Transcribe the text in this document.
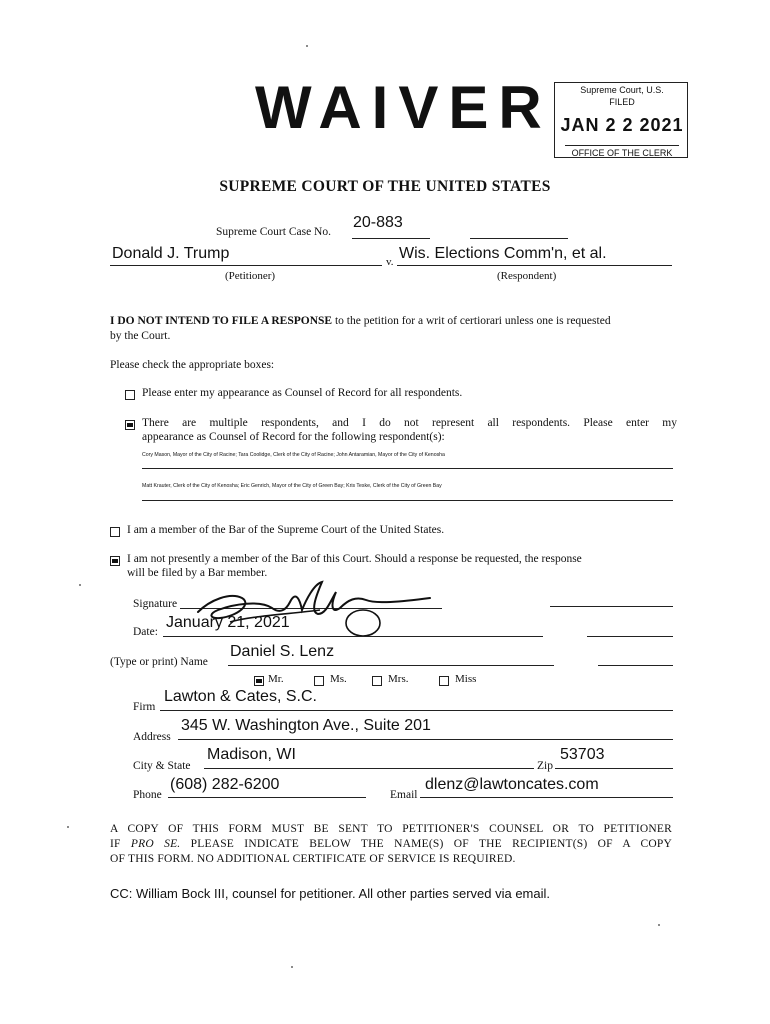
WAIVER	Supreme Court, U.S.
FILED
JAN 2 2 2021
OFFICE OF THE CLERK
SUPREME COURT OF THE UNITED STATES
Supreme Court Case No.
20-883
Donald J. Trump	v. Wis. Elections Comm'n, et al.
(Petitioner)	(Respondent)
I DO NOT INTEND TO FILE A RESPONSE to the petition for a writ of certiorari unless one is requested
by the Court.
Please check the appropriate boxes:
Please enter my appearance as Counsel of Record for all respondents.
There are multiple respondents, and I do not represent all respondents. Please enter my
appearance as Counsel of Record for the following respondent(s):
Cory Mason, Mayor of the City of Racine; Tara Coolidge, Clerk of the City of Racine; John Antaramian, Mayor of the City of Kenosha
Matt Krauter, Clerk of the City of Kenosha; Eric Genrich, Mayor of the City of Green Bay; Kris Teske, Clerk of the City of Green Bay
I am a member of the Bar of the Supreme Court of the United States.
I am not presently a member of the Bar of this Court. Should a response be requested, the response
will be filed by a Bar member.
Signature
Date:
January 21, 2021
(Type or print) Name
Daniel S. Lenz
Mr.	Ms.	Mrs.	Miss
Firm
Lawton & Cates, S.C.
Address
345 W. Washington Ave., Suite 201
City & State
Madison, WI
Zip
53703
Phone
(608) 282-6200
Email
dlenz@lawtoncates.com
A COPY OF THIS FORM MUST BE SENT TO PETITIONER'S COUNSEL OR TO PETITIONER
IF PRO SE. PLEASE INDICATE BELOW THE NAME(S) OF THE RECIPIENT(S) OF A COPY
OF THIS FORM. NO ADDITIONAL CERTIFICATE OF SERVICE IS REQUIRED.
CC: William Bock III, counsel for petitioner. All other parties served via email.
